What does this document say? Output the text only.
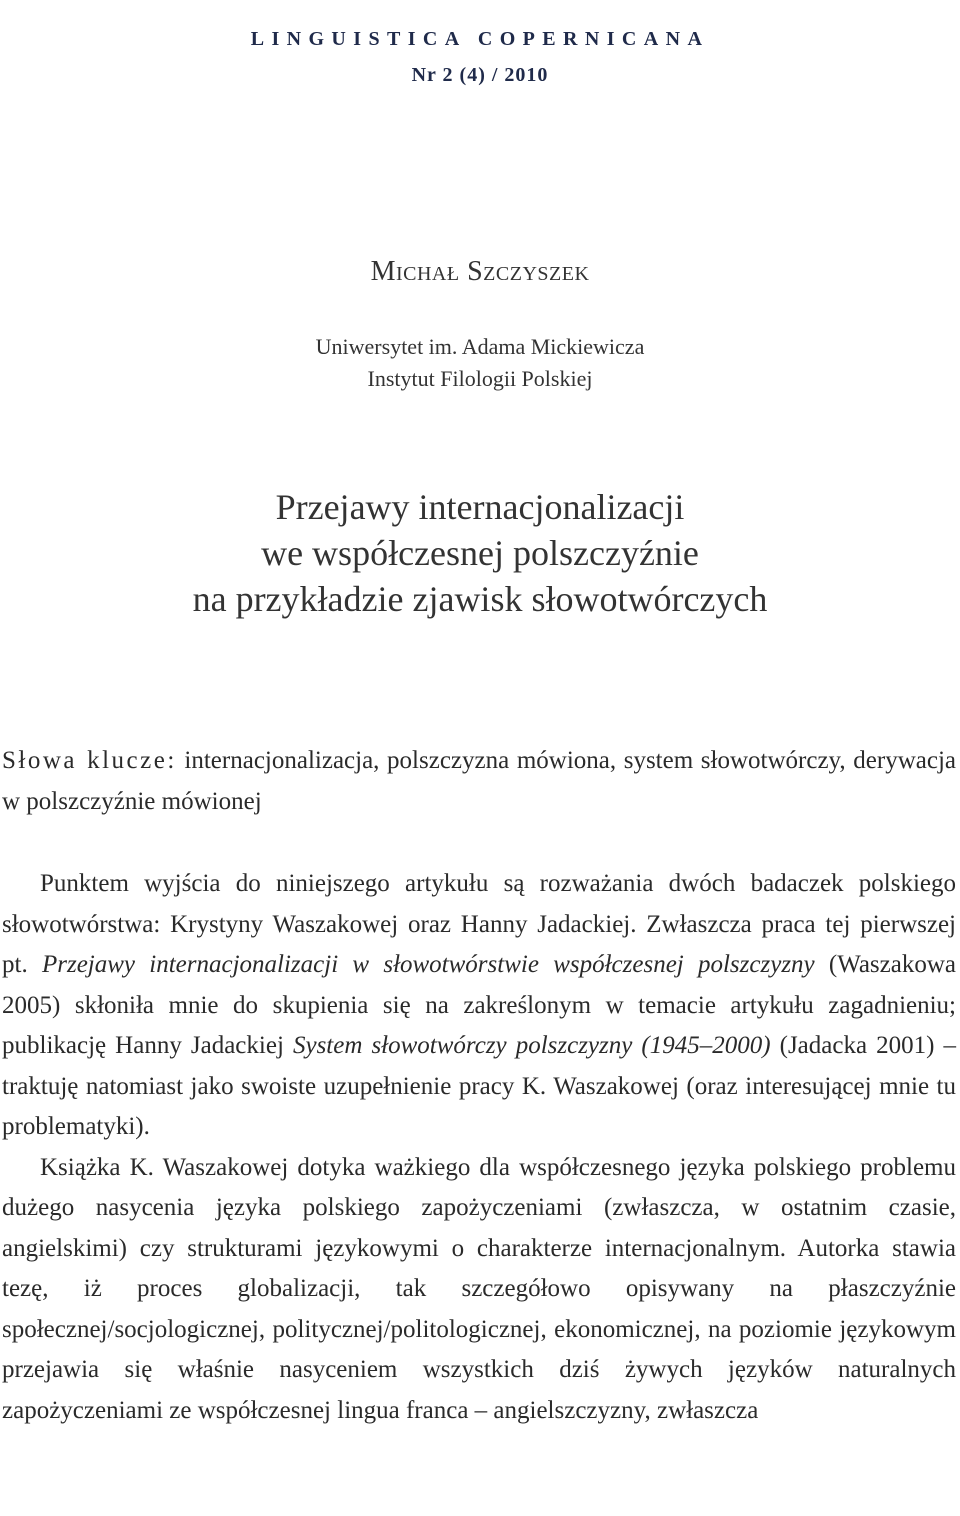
LINGUISTICA COPERNICANA
Nr 2 (4) / 2010
Michał Szczyszek
Uniwersytet im. Adama Mickiewicza
Instytut Filologii Polskiej
Przejawy internacjonalizacji
we współczesnej polszczyźnie
na przykładzie zjawisk słowotwórczych

Słowa klucze: internacjonalizacja, polszczyzna mówiona, system słowotwórczy, derywacja w polszczyźnie mówionej

Punktem wyjścia do niniejszego artykułu są rozważania dwóch badaczek polskiego słowotwórstwa: Krystyny Waszakowej oraz Hanny Jadackiej. Zwłaszcza praca tej pierwszej pt. Przejawy internacjonalizacji w słowotwórstwie współczesnej polszczyzny (Waszakowa 2005) skłoniła mnie do skupienia się na zakreślonym w temacie artykułu zagadnieniu; publikację Hanny Jadackiej System słowotwórczy polszczyzny (1945–2000) (Jadacka 2001) – traktuję natomiast jako swoiste uzupełnienie pracy K. Waszakowej (oraz interesującej mnie tu problematyki).

Książka K. Waszakowej dotyka ważkiego dla współczesnego języka polskiego problemu dużego nasycenia języka polskiego zapożyczeniami (zwłaszcza, w ostatnim czasie, angielskimi) czy strukturami językowymi o charakterze internacjonalnym. Autorka stawia tezę, iż proces globalizacji, tak szczegółowo opisywany na płaszczyźnie społecznej/socjologicznej, politycznej/politologicznej, ekonomicznej, na poziomie językowym przejawia się właśnie nasyceniem wszystkich dziś żywych języków naturalnych zapożyczeniami ze współczesnej lingua franca – angielszczyzny, zwłaszcza
